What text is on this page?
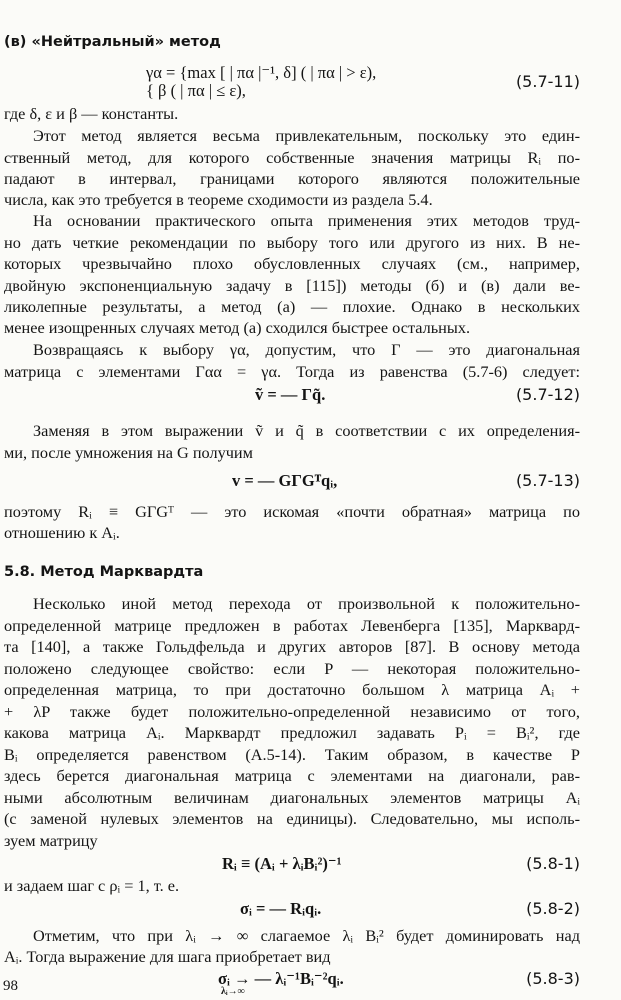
(в) «Нейтральный» метод
γα = {max [ | πα |⁻¹, δ] ( | πα | > ε),
{ β ( | πα | ≤ ε),	(5.7-11)
где δ, ε и β — константы.
Этот метод является весьма привлекательным, поскольку это един-
ственный метод, для которого собственные значения матрицы Rᵢ по-
падают в интервал, границами которого являются положительные
числа, как это требуется в теореме сходимости из раздела 5.4.
На основании практического опыта применения этих методов труд-
но дать четкие рекомендации по выбору того или другого из них. В не-
которых чрезвычайно плохо обусловленных случаях (см., например,
двойную экспоненциальную задачу в [115]) методы (б) и (в) дали ве-
ликолепные результаты, а метод (а) — плохие. Однако в нескольких
менее изощренных случаях метод (а) сходился быстрее остальных.
Возвращаясь к выбору γα, допустим, что Γ — это диагональная
матрица с элементами Γαα = γα. Тогда из равенства (5.7-6) следует:
ṽ = — Γq̃.	(5.7-12)
Заменяя в этом выражении ṽ и q̃ в соответствии с их определения-
ми, после умножения на G получим
v = — GΓGᵀqᵢ,	(5.7-13)
поэтому Rᵢ ≡ GΓGᵀ — это искомая «почти обратная» матрица по
отношению к Aᵢ.
5.8. Метод Марквардта
Несколько иной метод перехода от произвольной к положительно-
определенной матрице предложен в работах Левенберга [135], Марквард-
та [140], а также Гольдфельда и других авторов [87]. В основу метода
положено следующее свойство: если P — некоторая положительно-
определенная матрица, то при достаточно большом λ матрица Aᵢ +
+ λP также будет положительно-определенной независимо от того,
какова матрица Aᵢ. Марквардт предложил задавать Pᵢ = Bᵢ², где
Bᵢ определяется равенством (A.5-14). Таким образом, в качестве P
здесь берется диагональная матрица с элементами на диагонали, рав-
ными абсолютным величинам диагональных элементов матрицы Aᵢ
(с заменой нулевых элементов на единицы). Следовательно, мы исполь-
зуем матрицу
Rᵢ ≡ (Aᵢ + λᵢBᵢ²)⁻¹	(5.8-1)
и задаем шаг с ρᵢ = 1, т. е.
σᵢ = — Rᵢqᵢ.	(5.8-2)
Отметим, что при λᵢ → ∞ слагаемое λᵢ Bᵢ² будет доминировать над
Aᵢ. Тогда выражение для шага приобретает вид
σᵢ → — λᵢ⁻¹Bᵢ⁻²qᵢ.
λᵢ→∞
(5.8-3)
98
